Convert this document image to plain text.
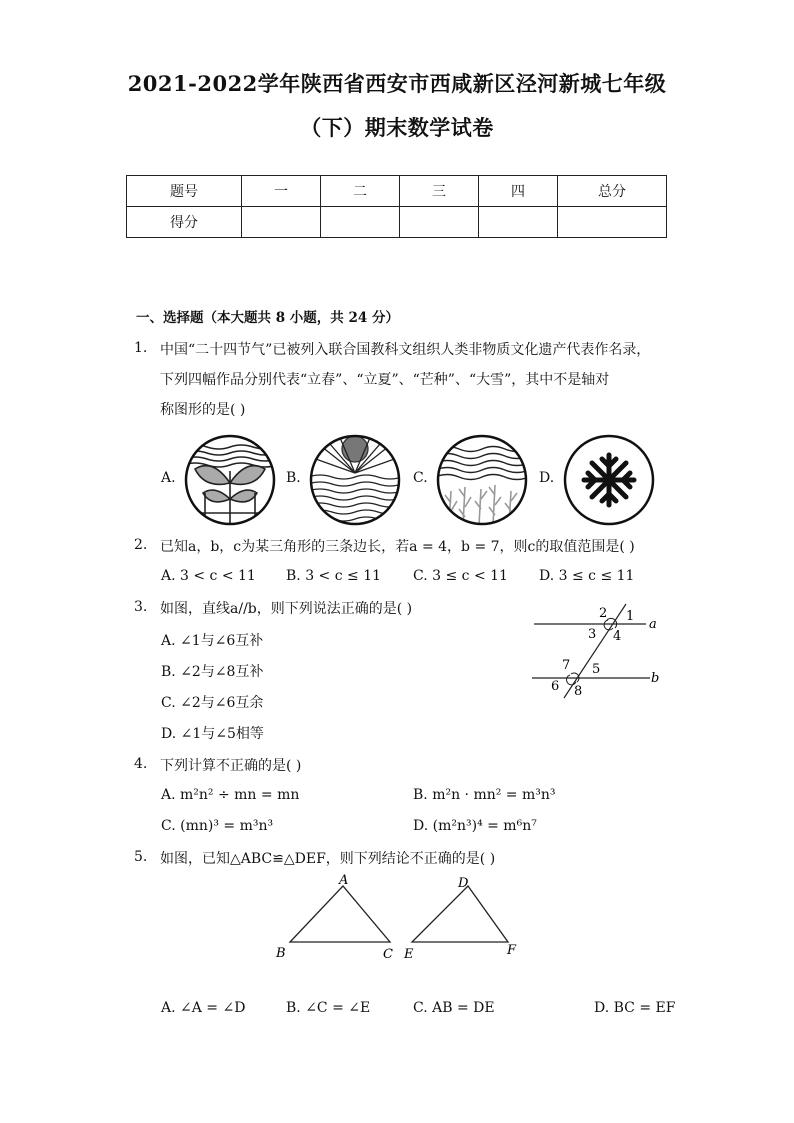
2021-2022学年陕西省西安市西咸新区泾河新城七年级
（下）期末数学试卷
题号	一	二	三	四	总分
得分					
一、选择题（本大题共 8 小题，共 24 分）
1. 中国“二十四节气”已被列入联合国教科文组织人类非物质文化遗产代表作名录，
下列四幅作品分别代表“立春”、“立夏”、“芒种”、“大雪”，其中不是轴对
称图形的是( )
A.	B.	C.	D.
2. 已知a，b，c为某三角形的三条边长，若a = 4，b = 7，则c的取值范围是( )
A. 3 < c < 11 B. 3 < c ≤ 11 C. 3 ≤ c < 11 D. 3 ≤ c ≤ 11
3. 如图，直线a//b，则下列说法正确的是( )
A. ∠1与∠6互补
B. ∠2与∠8互补
C. ∠2与∠6互余
D. ∠1与∠5相等
2 1
3 4
a
7 5
6 8
b
4. 下列计算不正确的是( )
A. m²n² ÷ mn = mn	B. m²n · mn² = m³n³
C. (mn)³ = m³n³	D. (m²n³)⁴ = m⁶n⁷
5. 如图，已知△ABC≌△DEF，则下列结论不正确的是( )
A
B	C
D
E	F
A. ∠A = ∠D	B. ∠C = ∠E	C. AB = DE	D. BC = EF
